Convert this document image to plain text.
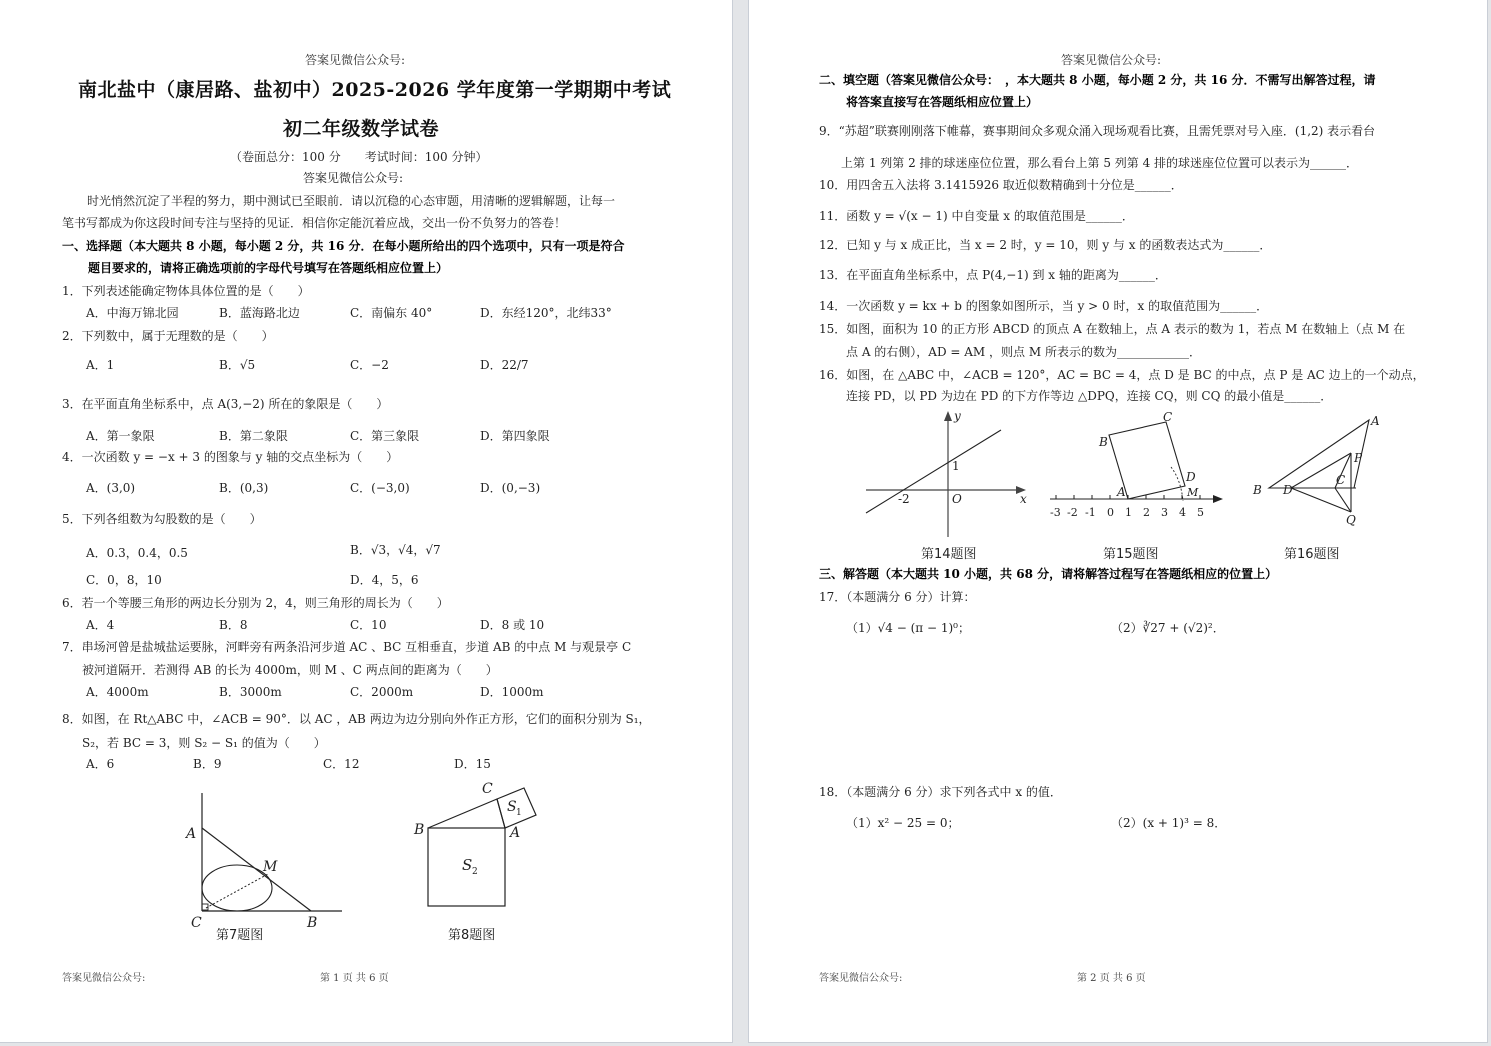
答案见微信公众号:
南北盐中（康居路、盐初中）2025-2026 学年度第一学期期中考试
初二年级数学试卷
（卷面总分：100 分　　考试时间：100 分钟）
答案见微信公众号:
时光悄然沉淀了半程的努力，期中测试已至眼前．请以沉稳的心态审题，用清晰的逻辑解题，让每一
笔书写都成为你这段时间专注与坚持的见证．相信你定能沉着应战，交出一份不负努力的答卷！
一、选择题（本大题共 8 小题，每小题 2 分，共 16 分．在每小题所给出的四个选项中，只有一项是符合
题目要求的，请将正确选项前的字母代号填写在答题纸相应位置上）
1．下列表述能确定物体具体位置的是（　　）
A．中海万锦北园	B．蓝海路北边	C．南偏东 40°	D．东经120°，北纬33°
2．下列数中，属于无理数的是（　　）
A．1	B．√5	C．−2	D．22/7
3．在平面直角坐标系中，点 A(3,−2) 所在的象限是（　　）
A．第一象限	B．第二象限	C．第三象限	D．第四象限
4．一次函数 y = −x + 3 的图象与 y 轴的交点坐标为（　　）
A．(3,0)	B．(0,3)	C．(−3,0)	D．(0,−3)
5．下列各组数为勾股数的是（　　）
A．0.3，0.4，0.5	B．√3，√4，√7
C．0，8，10	D．4，5，6
6．若一个等腰三角形的两边长分别为 2，4，则三角形的周长为（　　）
A．4	B．8	C．10	D．8 或 10
7．串场河曾是盐城盐运要脉，河畔旁有两条沿河步道 AC 、BC 互相垂直，步道 AB 的中点 M 与观景亭 C
被河道隔开．若测得 AB 的长为 4000m，则 M 、C 两点间的距离为（　　）
A．4000m	B．3000m	C．2000m	D．1000m
8．如图，在 Rt△ABC 中，∠ACB = 90°．以 AC ，AB 两边为边分别向外作正方形，它们的面积分别为 S₁，
S₂，若 BC = 3，则 S₂ − S₁ 的值为（　　）
A．6	B．9	C．12	D．15
A
M
C	B
第7题图
C
S 1
B	A
S 2
第8题图
答案见微信公众号:	第 1 页 共 6 页
答案见微信公众号:
二、填空题（答案见微信公众号：　，本大题共 8 小题，每小题 2 分，共 16 分．不需写出解答过程，请
将答案直接写在答题纸相应位置上）
9．“苏超”联赛刚刚落下帷幕，赛事期间众多观众涌入现场观看比赛，且需凭票对号入座．(1,2) 表示看台
上第 1 列第 2 排的球迷座位位置，那么看台上第 5 列第 4 排的球迷座位位置可以表示为______．
10．用四舍五入法将 3.1415926 取近似数精确到十分位是______．
11．函数 y = √(x − 1) 中自变量 x 的取值范围是______．
12．已知 y 与 x 成正比，当 x = 2 时，y = 10，则 y 与 x 的函数表达式为______．
13．在平面直角坐标系中，点 P(4,−1) 到 x 轴的距离为______．
14．一次函数 y = kx + b 的图象如图所示，当 y > 0 时，x 的取值范围为______．
15．如图，面积为 10 的正方形 ABCD 的顶点 A 在数轴上，点 A 表示的数为 1，若点 M 在数轴上（点 M 在
点 A 的右侧），AD = AM ，则点 M 所表示的数为____________．
16．如图，在 △ABC 中，∠ACB = 120°，AC = BC = 4，点 D 是 BC 的中点，点 P 是 AC 边上的一个动点，
连接 PD，以 PD 为边在 PD 的下方作等边 △DPQ，连接 CQ，则 CQ 的最小值是______．
y
x
1
-2	O
第14题图
A
B
C
D
M
-3 -2 -1 0 1 2 3 4 5
第15题图
A
B
C
D
P
Q
第16题图
三、解答题（本大题共 10 小题，共 68 分，请将解答过程写在答题纸相应的位置上）
17．（本题满分 6 分）计算：
（1）√4 − (π − 1)⁰；	（2）∛27 + (√2)²．
18．（本题满分 6 分）求下列各式中 x 的值．
（1）x² − 25 = 0；	（2）(x + 1)³ = 8．
答案见微信公众号:	第 2 页 共 6 页
